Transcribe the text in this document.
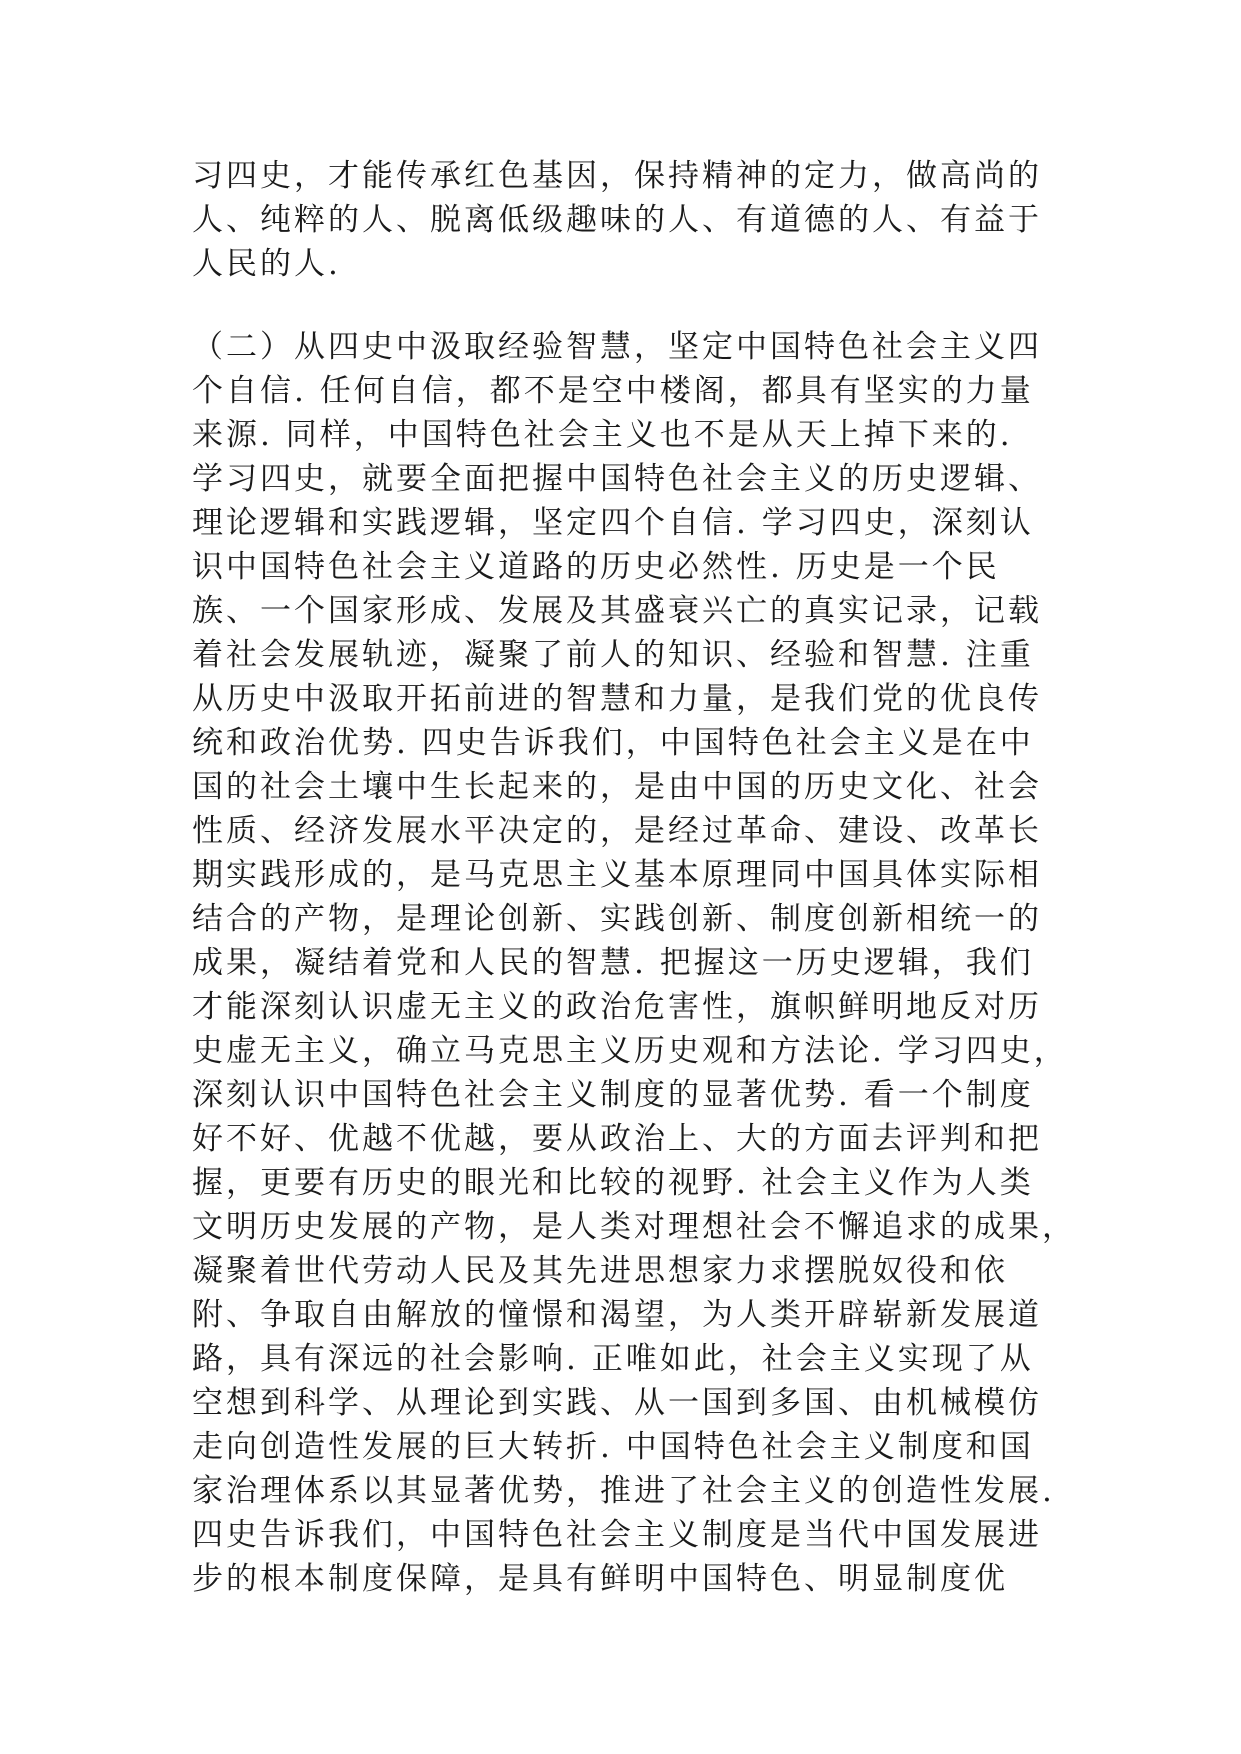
习四史，才能传承红色基因，保持精神的定力，做高尚的
人、纯粹的人、脱离低级趣味的人、有道德的人、有益于
人民的人.
（二）从四史中汲取经验智慧，坚定中国特色社会主义四
个自信. 任何自信，都不是空中楼阁，都具有坚实的力量
来源. 同样，中国特色社会主义也不是从天上掉下来的.
学习四史，就要全面把握中国特色社会主义的历史逻辑、
理论逻辑和实践逻辑，坚定四个自信. 学习四史，深刻认
识中国特色社会主义道路的历史必然性. 历史是一个民
族、一个国家形成、发展及其盛衰兴亡的真实记录，记载
着社会发展轨迹，凝聚了前人的知识、经验和智慧. 注重
从历史中汲取开拓前进的智慧和力量，是我们党的优良传
统和政治优势. 四史告诉我们，中国特色社会主义是在中
国的社会土壤中生长起来的，是由中国的历史文化、社会
性质、经济发展水平决定的，是经过革命、建设、改革长
期实践形成的，是马克思主义基本原理同中国具体实际相
结合的产物，是理论创新、实践创新、制度创新相统一的
成果，凝结着党和人民的智慧. 把握这一历史逻辑，我们
才能深刻认识虚无主义的政治危害性，旗帜鲜明地反对历
史虚无主义，确立马克思主义历史观和方法论. 学习四史，
深刻认识中国特色社会主义制度的显著优势. 看一个制度
好不好、优越不优越，要从政治上、大的方面去评判和把
握，更要有历史的眼光和比较的视野. 社会主义作为人类
文明历史发展的产物，是人类对理想社会不懈追求的成果，
凝聚着世代劳动人民及其先进思想家力求摆脱奴役和依
附、争取自由解放的憧憬和渴望，为人类开辟崭新发展道
路，具有深远的社会影响. 正唯如此，社会主义实现了从
空想到科学、从理论到实践、从一国到多国、由机械模仿
走向创造性发展的巨大转折. 中国特色社会主义制度和国
家治理体系以其显著优势，推进了社会主义的创造性发展.
四史告诉我们，中国特色社会主义制度是当代中国发展进
步的根本制度保障，是具有鲜明中国特色、明显制度优
